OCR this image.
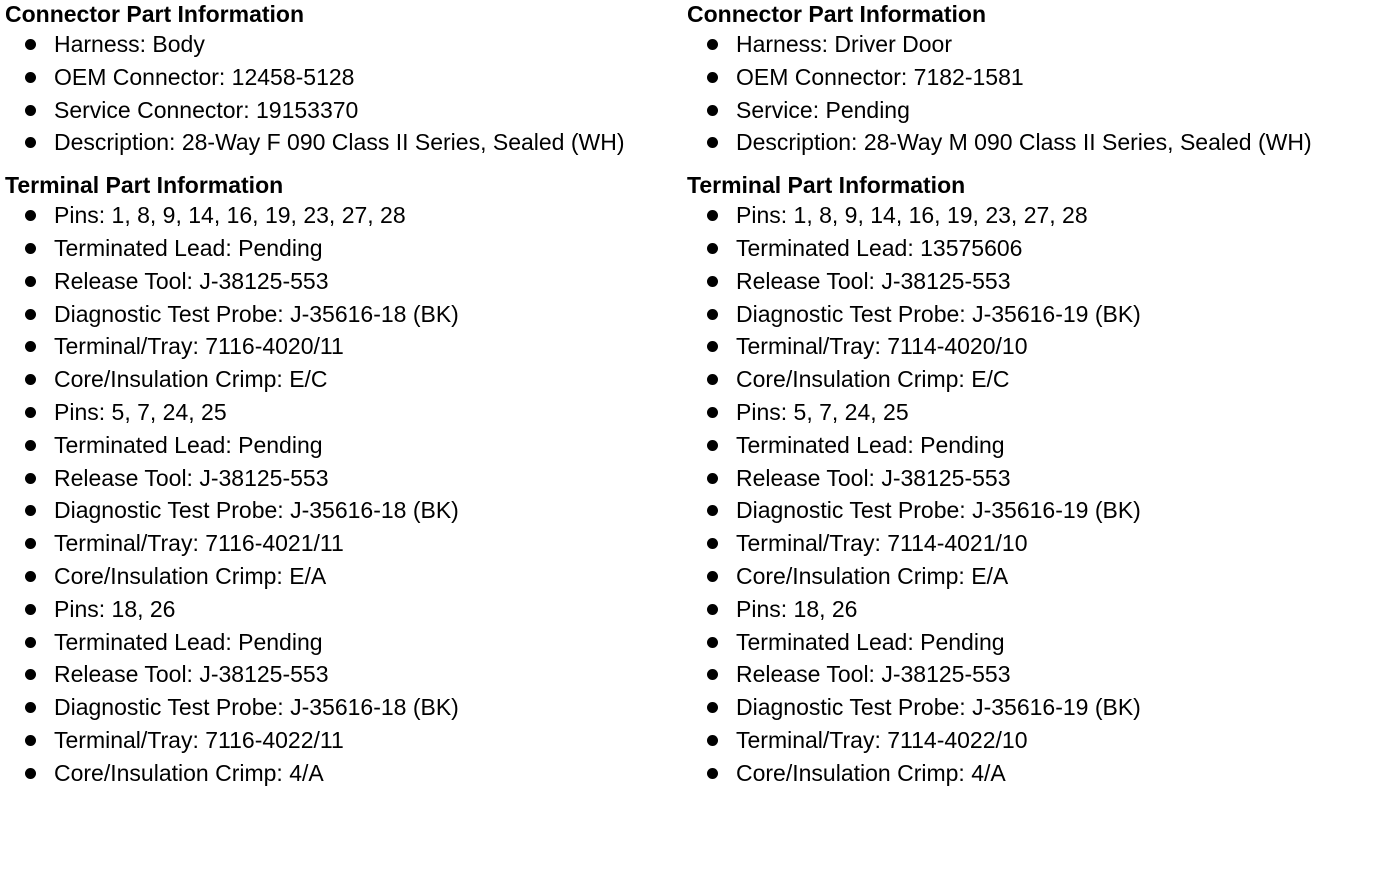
Connector Part Information
Harness: Body
OEM Connector: 12458-5128
Service Connector: 19153370
Description: 28-Way F 090 Class II Series, Sealed (WH)
Terminal Part Information
Pins: 1, 8, 9, 14, 16, 19, 23, 27, 28
Terminated Lead: Pending
Release Tool: J-38125-553
Diagnostic Test Probe: J-35616-18 (BK)
Terminal/Tray: 7116-4020/11
Core/Insulation Crimp: E/C
Pins: 5, 7, 24, 25
Terminated Lead: Pending
Release Tool: J-38125-553
Diagnostic Test Probe: J-35616-18 (BK)
Terminal/Tray: 7116-4021/11
Core/Insulation Crimp: E/A
Pins: 18, 26
Terminated Lead: Pending
Release Tool: J-38125-553
Diagnostic Test Probe: J-35616-18 (BK)
Terminal/Tray: 7116-4022/11
Core/Insulation Crimp: 4/A
Connector Part Information
Harness: Driver Door
OEM Connector: 7182-1581
Service: Pending
Description: 28-Way M 090 Class II Series, Sealed (WH)
Terminal Part Information
Pins: 1, 8, 9, 14, 16, 19, 23, 27, 28
Terminated Lead: 13575606
Release Tool: J-38125-553
Diagnostic Test Probe: J-35616-19 (BK)
Terminal/Tray: 7114-4020/10
Core/Insulation Crimp: E/C
Pins: 5, 7, 24, 25
Terminated Lead: Pending
Release Tool: J-38125-553
Diagnostic Test Probe: J-35616-19 (BK)
Terminal/Tray: 7114-4021/10
Core/Insulation Crimp: E/A
Pins: 18, 26
Terminated Lead: Pending
Release Tool: J-38125-553
Diagnostic Test Probe: J-35616-19 (BK)
Terminal/Tray: 7114-4022/10
Core/Insulation Crimp: 4/A
